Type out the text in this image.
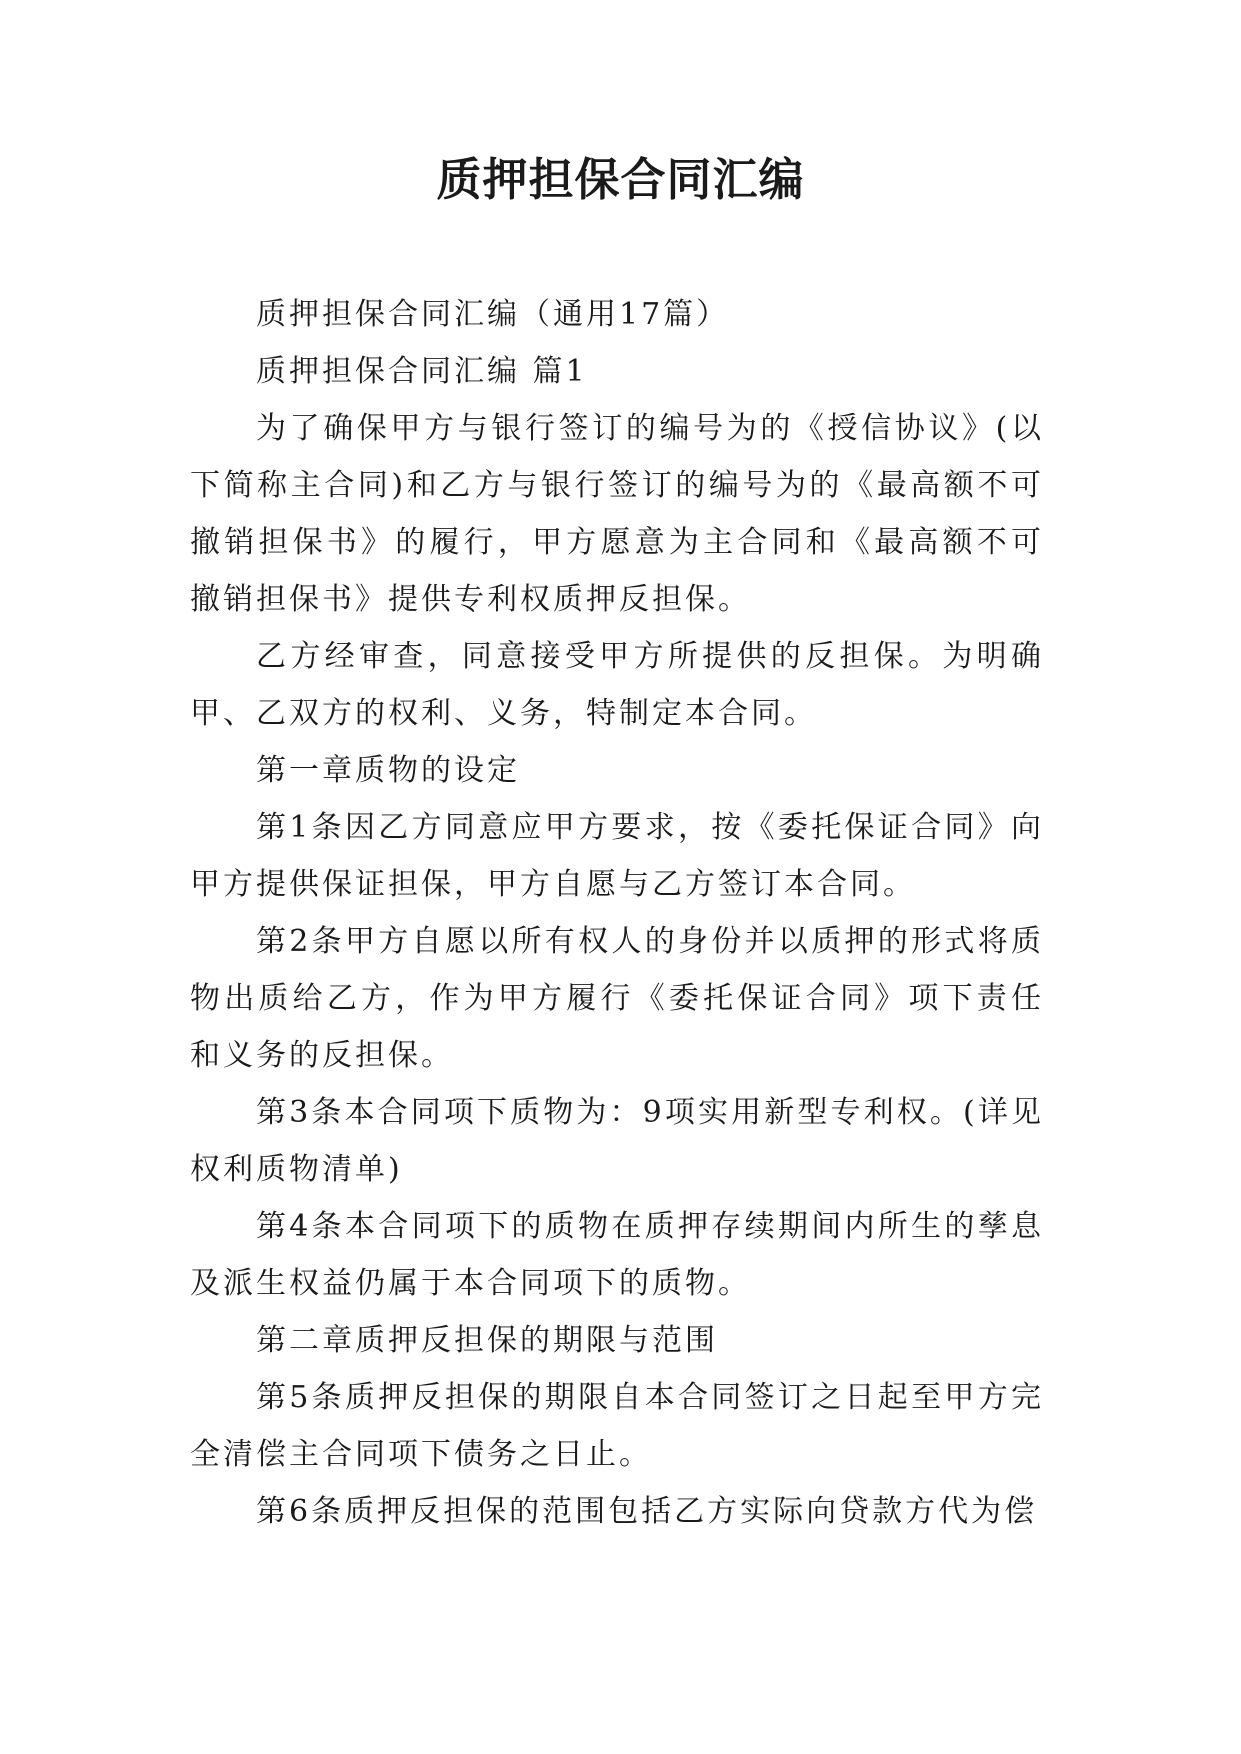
质押担保合同汇编

质押担保合同汇编（通用17篇）

质押担保合同汇编 篇1

为了确保甲方与银行签订的编号为的《授信协议》(以下简称主合同)和乙方与银行签订的编号为的《最高额不可撤销担保书》的履行，甲方愿意为主合同和《最高额不可撤销担保书》提供专利权质押反担保。

乙方经审查，同意接受甲方所提供的反担保。为明确甲、乙双方的权利、义务，特制定本合同。

第一章质物的设定

第1条因乙方同意应甲方要求，按《委托保证合同》向甲方提供保证担保，甲方自愿与乙方签订本合同。

第2条甲方自愿以所有权人的身份并以质押的形式将质物出质给乙方，作为甲方履行《委托保证合同》项下责任和义务的反担保。

第3条本合同项下质物为：9项实用新型专利权。(详见权利质物清单)

第4条本合同项下的质物在质押存续期间内所生的孳息及派生权益仍属于本合同项下的质物。

第二章质押反担保的期限与范围

第5条质押反担保的期限自本合同签订之日起至甲方完全清偿主合同项下债务之日止。

第6条质押反担保的范围包括乙方实际向贷款方代为偿
